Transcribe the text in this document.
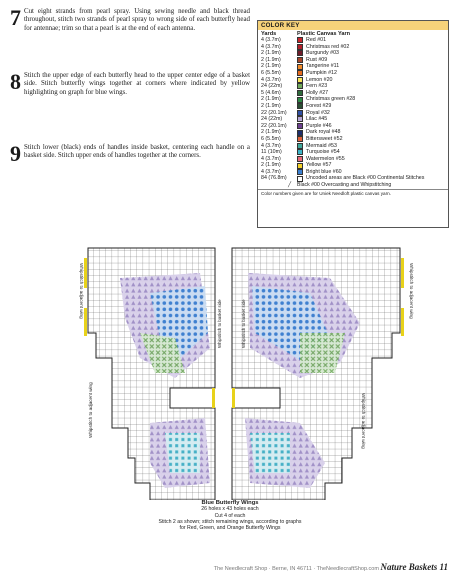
7 Cut eight strands from pearl spray. Using sewing needle and black thread throughout, stitch two strands of pearl spray to wrong side of each butterfly head for antennae; trim so that a pearl is at the end of each antenna.
8 Stitch the upper edge of each butterfly head to the upper center edge of a basket side. Stitch butterfly wings together at corners where indicated by yellow highlighting on graph for blue wings.
9 Stitch lower (black) ends of handles inside basket, centering each handle on a basket side. Stitch upper ends of handles together at the corners.
COLOR KEY
Yards	Plastic Canvas Yarn
4 (3.7m)	Red #01
4 (3.7m)	Christmas red #02
2 (1.9m)	Burgundy #03
2 (1.9m)	Rust #09
2 (1.9m)	Tangerine #11
6 (5.5m)	Pumpkin #12
4 (3.7m)	Lemon #20
24 (22m)	Fern #23
5 (4.6m)	Holly #27
2 (1.9m)	Christmas green #28
2 (1.9m)	Forest #29
22 (20.1m)	Royal #32
24 (22m)	Lilac #45
22 (20.1m)	Purple #46
2 (1.9m)	Dark royal #48
6 (5.5m)	Bittersweet #52
4 (3.7m)	Mermaid #53
11 (10m)	Turquoise #54
4 (3.7m)	Watermelon #55
2 (1.9m)	Yellow #57
4 (3.7m)	Bright blue #60
84 (76.8m)	Uncoded areas are Black #00 Continental Stitches
╱ Black #00 Overcasting and Whipstitching
Color numbers given are for Uniek Needloft plastic canvas yarn.
Whipstitch to adjacent wing	Whipstitch to adjacent wing
Whipstitch to adjacent wing	Whipstitch to adjacent wing
Whipstitch to basket side	Whipstitch to basket side
Blue Butterfly Wings
26 holes x 43 holes each
Cut 4 of each
Stitch 2 as shown; stitch remaining wings, according to graphs
for Red, Green, and Orange Butterfly Wings
The Needlecraft Shop · Berne, IN 46711 · TheNeedlecraftShop.com Nature Baskets 11
